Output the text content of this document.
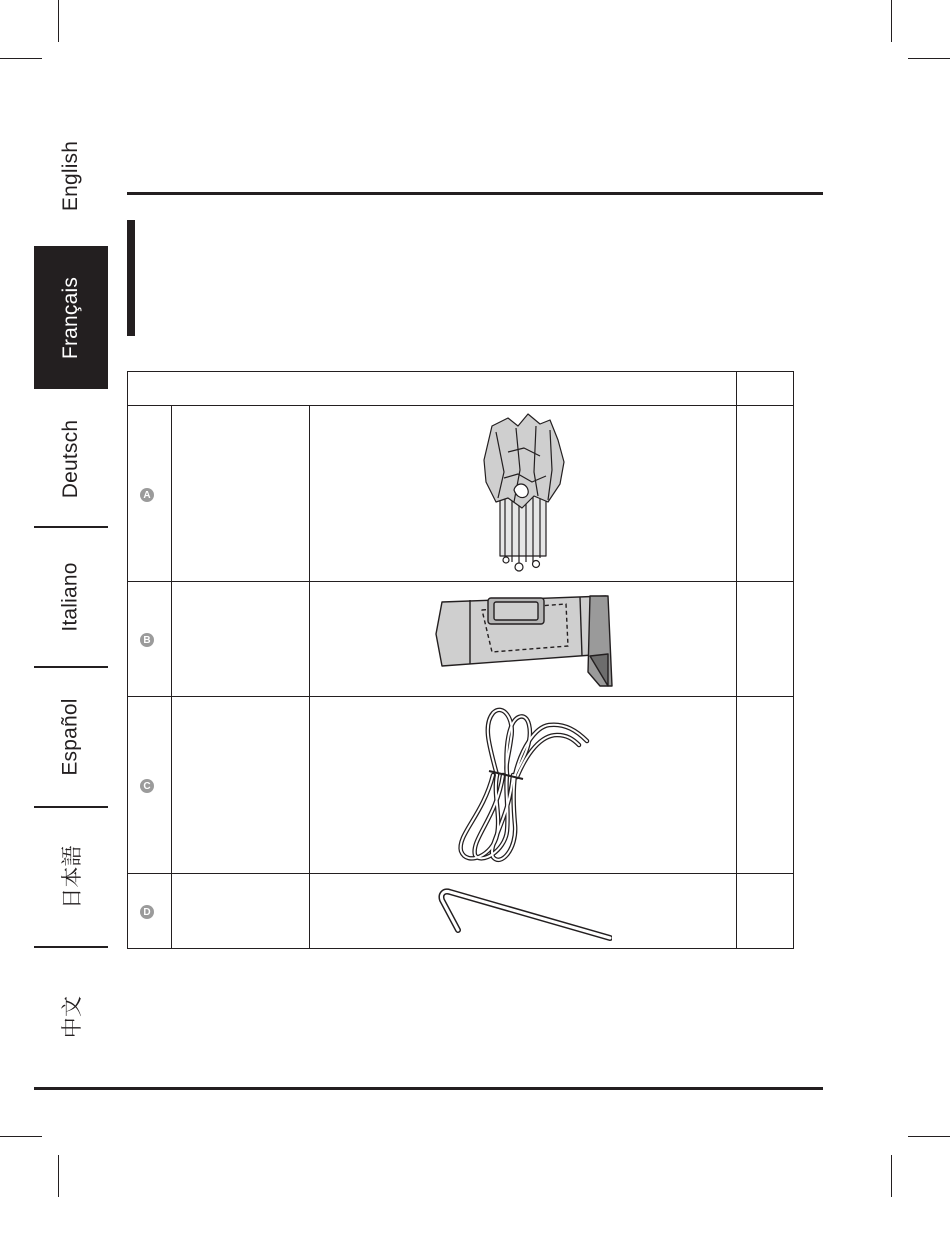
English
Français
Deutsch
Italiano
Español
日本語
中文
A
B
C
D
